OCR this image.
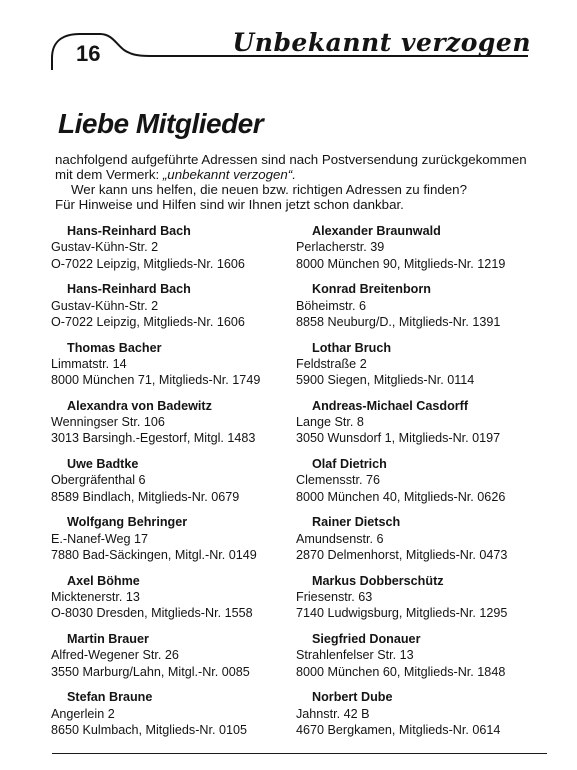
16	Unbekannt verzogen
Liebe Mitglieder

nachfolgend aufgeführte Adressen sind nach Postversendung zurückgekommen

mit dem Vermerk: „unbekannt verzogen“.

Wer kann uns helfen, die neuen bzw. richtigen Adressen zu finden?

Für Hinweise und Hilfen sind wir Ihnen jetzt schon dankbar.

Hans-Reinhard Bach
Gustav-Kühn-Str. 2
O-7022 Leipzig, Mitglieds-Nr. 1606
Hans-Reinhard Bach
Gustav-Kühn-Str. 2
O-7022 Leipzig, Mitglieds-Nr. 1606
Thomas Bacher
Limmatstr. 14
8000 München 71, Mitglieds-Nr. 1749
Alexandra von Badewitz
Wenningser Str. 106
3013 Barsingh.-Egestorf, Mitgl. 1483
Uwe Badtke
Obergräfenthal 6
8589 Bindlach, Mitglieds-Nr. 0679
Wolfgang Behringer
E.-Nanef-Weg 17
7880 Bad-Säckingen, Mitgl.-Nr. 0149
Axel Böhme
Micktenerstr. 13
O-8030 Dresden, Mitglieds-Nr. 1558
Martin Brauer
Alfred-Wegener Str. 26
3550 Marburg/Lahn, Mitgl.-Nr. 0085
Stefan Braune
Angerlein 2
8650 Kulmbach, Mitglieds-Nr. 0105
Alexander Braunwald
Perlacherstr. 39
8000 München 90, Mitglieds-Nr. 1219
Konrad Breitenborn
Böheimstr. 6
8858 Neuburg/D., Mitglieds-Nr. 1391
Lothar Bruch
Feldstraße 2
5900 Siegen, Mitglieds-Nr. 0114
Andreas-Michael Casdorff
Lange Str. 8
3050 Wunsdorf 1, Mitglieds-Nr. 0197
Olaf Dietrich
Clemensstr. 76
8000 München 40, Mitglieds-Nr. 0626
Rainer Dietsch
Amundsenstr. 6
2870 Delmenhorst, Mitglieds-Nr. 0473
Markus Dobberschütz
Friesenstr. 63
7140 Ludwigsburg, Mitglieds-Nr. 1295
Siegfried Donauer
Strahlenfelser Str. 13
8000 München 60, Mitglieds-Nr. 1848
Norbert Dube
Jahnstr. 42 B
4670 Bergkamen, Mitglieds-Nr. 0614
